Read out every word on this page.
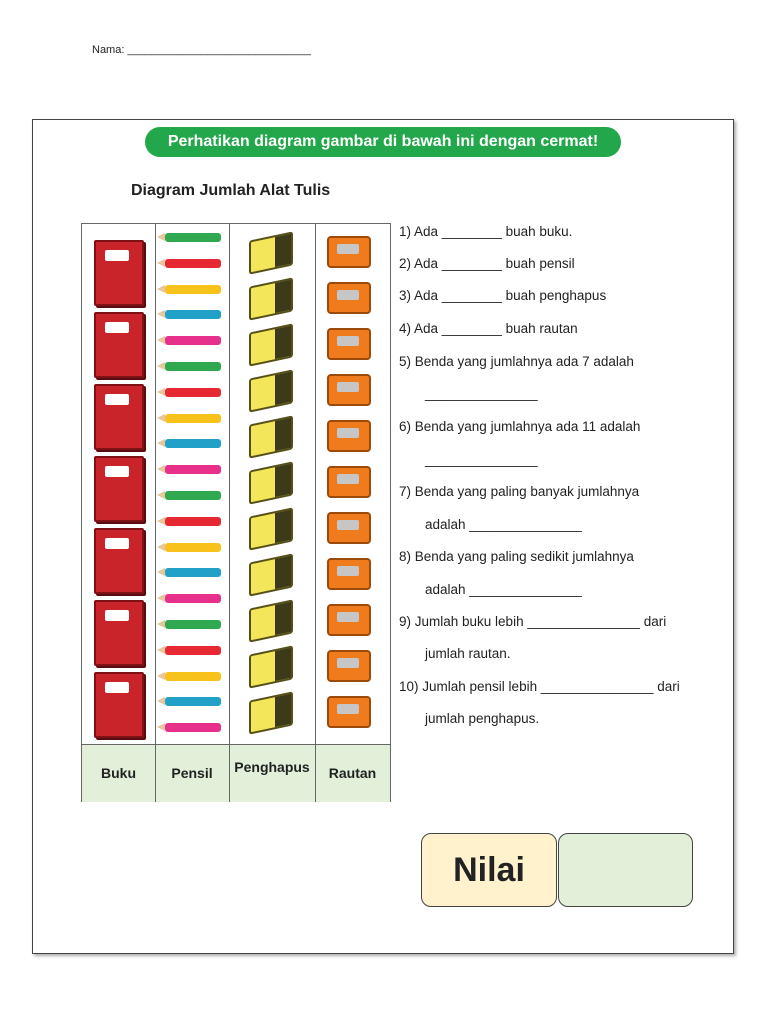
Nama: ______________________________
Perhatikan diagram gambar di bawah ini dengan cermat!
Diagram Jumlah Alat Tulis
Buku	Pensil	Penghapus	Rautan
1) Ada ________ buah buku.
2) Ada ________ buah pensil
3) Ada ________ buah penghapus
4) Ada ________ buah rautan
5) Benda yang jumlahnya ada 7 adalah
_______________
6) Benda yang jumlahnya ada 11 adalah
_______________
7) Benda yang paling banyak jumlahnya
adalah _______________
8) Benda yang paling sedikit jumlahnya
adalah _______________
9) Jumlah buku lebih _______________ dari
jumlah rautan.
10) Jumlah pensil lebih _______________ dari
jumlah penghapus.
Nilai
